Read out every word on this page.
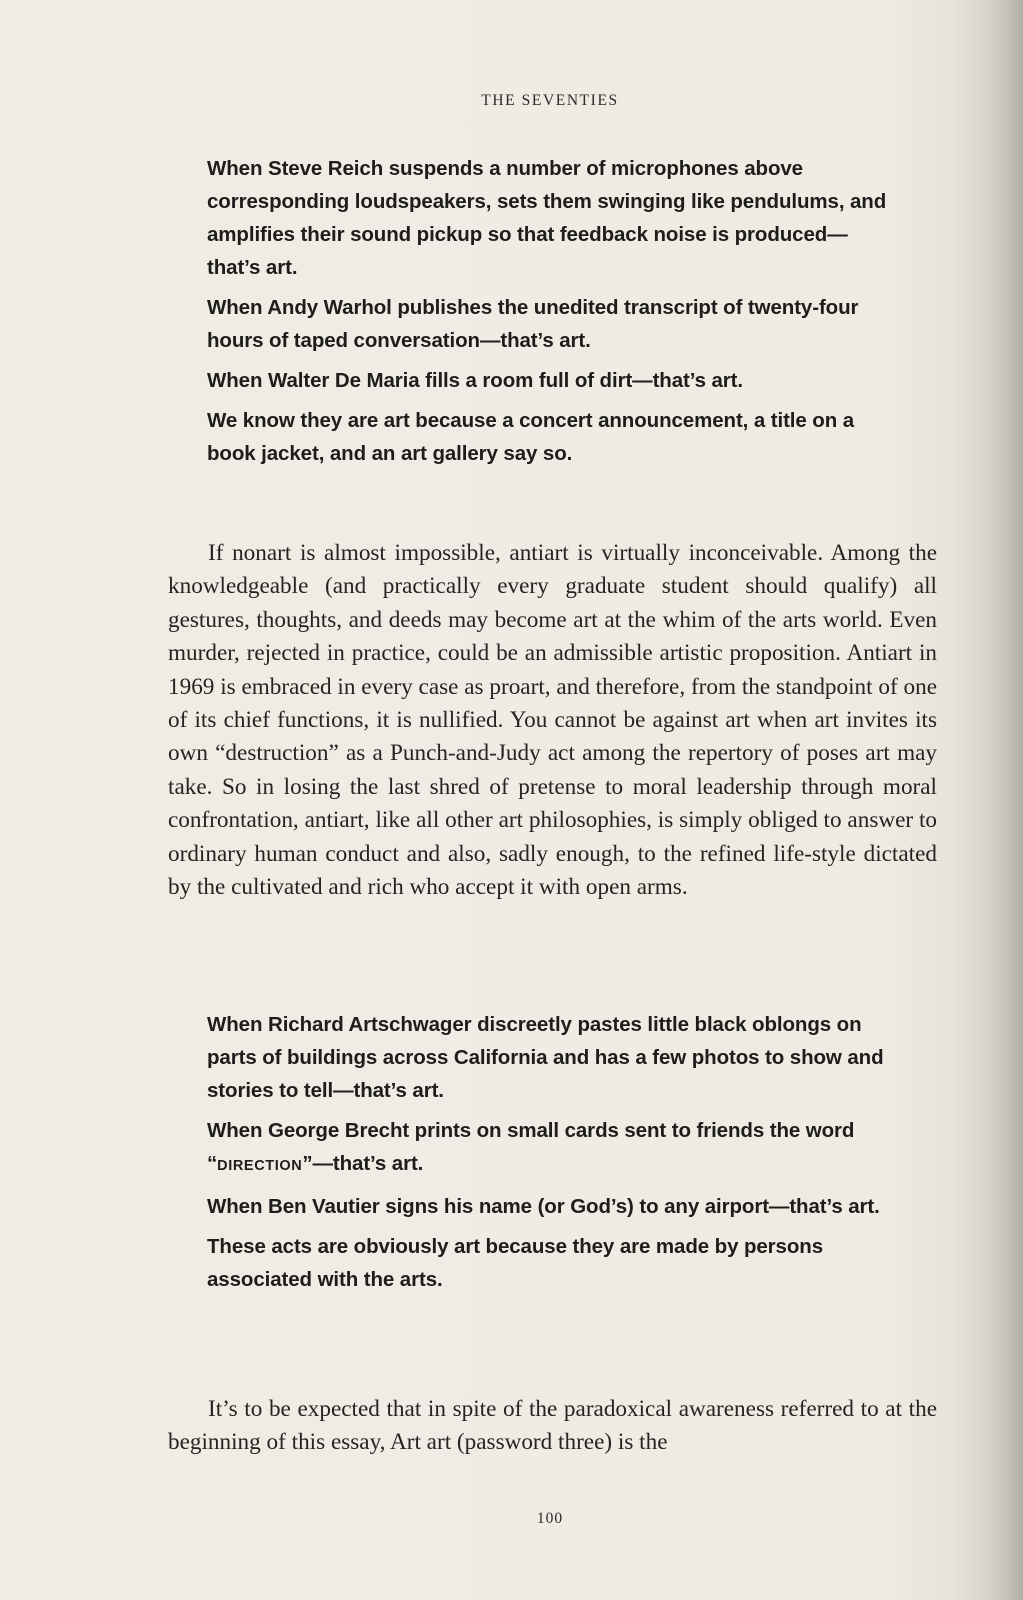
THE SEVENTIES

When Steve Reich suspends a number of microphones above corresponding loudspeakers, sets them swinging like pendulums, and amplifies their sound pickup so that feedback noise is produced—that’s art.

When Andy Warhol publishes the unedited transcript of twenty-four hours of taped conversation—that’s art.

When Walter De Maria fills a room full of dirt—that’s art.

We know they are art because a concert announcement, a title on a book jacket, and an art gallery say so.

If nonart is almost impossible, antiart is virtually inconceivable. Among the knowledgeable (and practically every graduate student should qualify) all gestures, thoughts, and deeds may become art at the whim of the arts world. Even murder, rejected in practice, could be an admissible artistic proposition. Antiart in 1969 is embraced in every case as proart, and therefore, from the standpoint of one of its chief functions, it is nullified. You cannot be against art when art invites its own “destruction” as a Punch-and-Judy act among the repertory of poses art may take. So in losing the last shred of pretense to moral leadership through moral confrontation, antiart, like all other art philosophies, is simply obliged to answer to ordinary human conduct and also, sadly enough, to the refined life-style dictated by the cultivated and rich who accept it with open arms.

When Richard Artschwager discreetly pastes little black oblongs on parts of buildings across California and has a few photos to show and stories to tell—that’s art.

When George Brecht prints on small cards sent to friends the word “DIRECTION”—that’s art.

When Ben Vautier signs his name (or God’s) to any airport—that’s art.

These acts are obviously art because they are made by persons associated with the arts.

It’s to be expected that in spite of the paradoxical awareness referred to at the beginning of this essay, Art art (password three) is the

100
